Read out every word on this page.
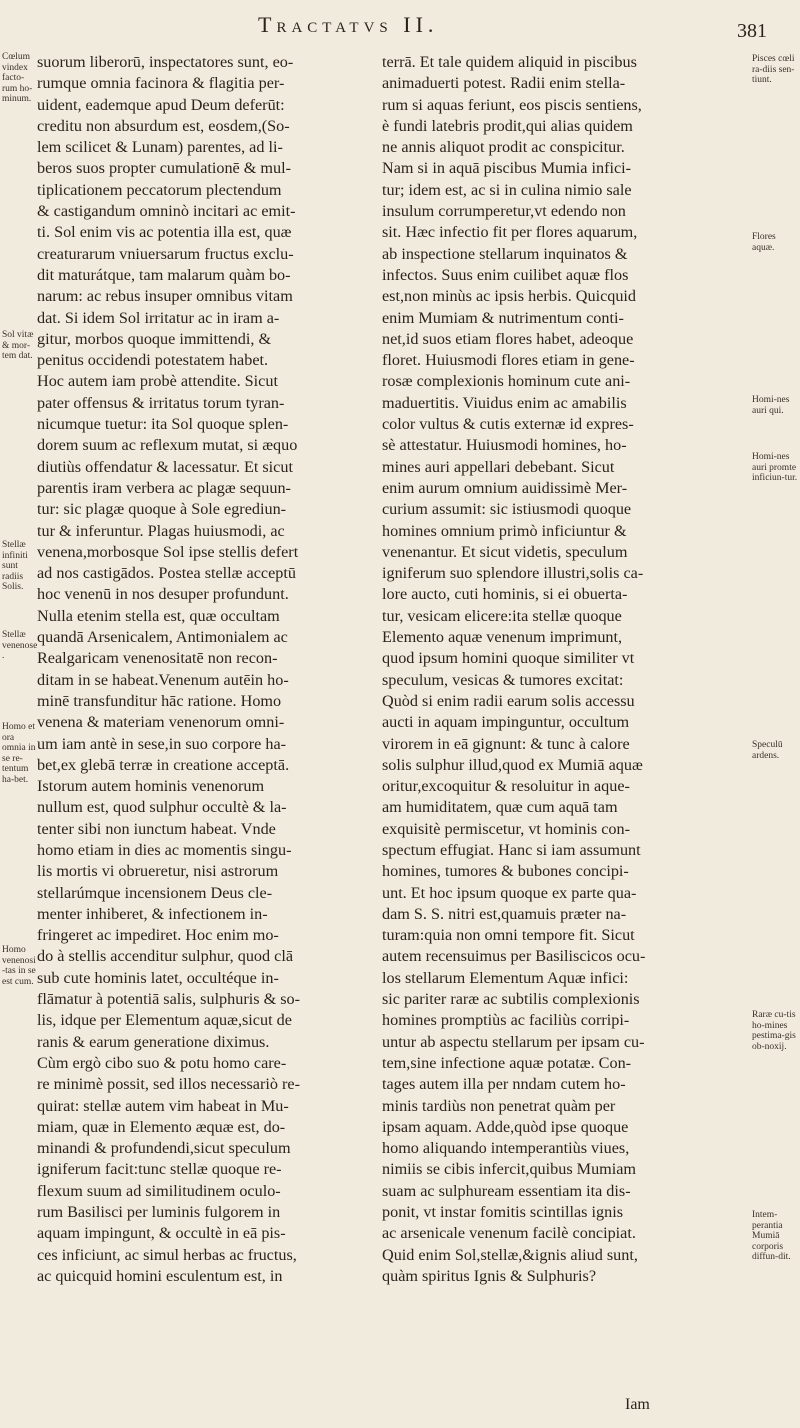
Tractatvs II.	381
Cœlum vindex facto-rum ho-minum.
Sol vitæ & mor-tem dat.
Stellæ infiniti sunt radiis Solis.
Stellæ venenose.
Homo et ora omnia in se re-tentum ha-bet.
Homo venenosi-tas in se est cum.
Pisces cœli ra-diis sen-tiunt.
Flores aquæ.
Homi-nes auri qui.
Homi-nes auri promte inficiun-tur.
Speculū ardens.
Raræ cu-tis ho-mines pestima-gis ob-noxij.
Intem-perantia Mumiā corporis diffun-dit.
suorum liberorū, inspectatores sunt, eo-
rumque omnia facinora & flagitia per-
uident, eademque apud Deum deferūt:
creditu non absurdum est, eosdem,(So-
lem scilicet & Lunam) parentes, ad li-
beros suos propter cumulationē & mul-
tiplicationem peccatorum plectendum
& castigandum omninò incitari ac emit-
ti. Sol enim vis ac potentia illa est, quæ
creaturarum vniuersarum fructus exclu-
dit maturátque, tam malarum quàm bo-
narum: ac rebus insuper omnibus vitam
dat. Si idem Sol irritatur ac in iram a-
gitur, morbos quoque immittendi, &
penitus occidendi potestatem habet.
Hoc autem iam probè attendite. Sicut
pater offensus & irritatus torum tyran-
nicumque tuetur: ita Sol quoque splen-
dorem suum ac reflexum mutat, si æquo
diutiùs offendatur & lacessatur. Et sicut
parentis iram verbera ac plagæ sequun-
tur: sic plagæ quoque à Sole egrediun-
tur & inferuntur. Plagas huiusmodi, ac
venena,morbosque Sol ipse stellis defert
ad nos castigādos. Postea stellæ acceptū
hoc venenū in nos desuper profundunt.
Nulla etenim stella est, quæ occultam
quandā Arsenicalem, Antimonialem ac
Realgaricam venenositatē non recon-
ditam in se habeat.Venenum autēin ho-
minē transfunditur hāc ratione. Homo
venena & materiam venenorum omni-
um iam antè in sese,in suo corpore ha-
bet,ex glebā terræ in creatione acceptā.
Istorum autem hominis venenorum
nullum est, quod sulphur occultè & la-
tenter sibi non iunctum habeat. Vnde
homo etiam in dies ac momentis singu-
lis mortis vi obrueretur, nisi astrorum
stellarúmque incensionem Deus cle-
menter inhiberet, & infectionem in-
fringeret ac impediret. Hoc enim mo-
do à stellis accenditur sulphur, quod clā
sub cute hominis latet, occultéque in-
flāmatur à potentiā salis, sulphuris & so-
lis, idque per Elementum aquæ,sicut de
ranis & earum generatione diximus.
Cùm ergò cibo suo & potu homo care-
re minimè possit, sed illos necessariò re-
quirat: stellæ autem vim habeat in Mu-
miam, quæ in Elemento æquæ est, do-
minandi & profundendi,sicut speculum
igniferum facit:tunc stellæ quoque re-
flexum suum ad similitudinem oculo-
rum Basilisci per luminis fulgorem in
aquam impingunt, & occultè in eā pis-
ces inficiunt, ac simul herbas ac fructus,
ac quicquid homini esculentum est, in
terrā. Et tale quidem aliquid in piscibus
animaduerti potest. Radii enim stella-
rum si aquas feriunt, eos piscis sentiens,
è fundi latebris prodit,qui alias quidem
ne annis aliquot prodit ac conspicitur.
Nam si in aquā piscibus Mumia infici-
tur; idem est, ac si in culina nimio sale
insulum corrumperetur,vt edendo non
sit. Hæc infectio fit per flores aquarum,
ab inspectione stellarum inquinatos &
infectos. Suus enim cuilibet aquæ flos
est,non minùs ac ipsis herbis. Quicquid
enim Mumiam & nutrimentum conti-
net,id suos etiam flores habet, adeoque
floret. Huiusmodi flores etiam in gene-
rosæ complexionis hominum cute ani-
maduertitis. Viuidus enim ac amabilis
color vultus & cutis externæ id expres-
sè attestatur. Huiusmodi homines, ho-
mines auri appellari debebant. Sicut
enim aurum omnium auidissimè Mer-
curium assumit: sic istiusmodi quoque
homines omnium primò inficiuntur &
venenantur. Et sicut videtis, speculum
igniferum suo splendore illustri,solis ca-
lore aucto, cuti hominis, si ei obuerta-
tur, vesicam elicere:ita stellæ quoque
Elemento aquæ venenum imprimunt,
quod ipsum homini quoque similiter vt
speculum, vesicas & tumores excitat:
Quòd si enim radii earum solis accessu
aucti in aquam impinguntur, occultum
virorem in eā gignunt: & tunc à calore
solis sulphur illud,quod ex Mumiā aquæ
oritur,excoquitur & resoluitur in aque-
am humiditatem, quæ cum aquā tam
exquisitè permiscetur, vt hominis con-
spectum effugiat. Hanc si iam assumunt
homines, tumores & bubones concipi-
unt. Et hoc ipsum quoque ex parte qua-
dam S. S. nitri est,quamuis præter na-
turam:quia non omni tempore fit. Sicut
autem recensuimus per Basiliscicos ocu-
los stellarum Elementum Aquæ infici:
sic pariter raræ ac subtilis complexionis
homines promptiùs ac faciliùs corripi-
untur ab aspectu stellarum per ipsam cu-
tem,sine infectione aquæ potatæ. Con-
tages autem illa per nndam cutem ho-
minis tardiùs non penetrat quàm per
ipsam aquam. Adde,quòd ipse quoque
homo aliquando intemperantiùs viues,
nimiis se cibis infercit,quibus Mumiam
suam ac sulphuream essentiam ita dis-
ponit, vt instar fomitis scintillas ignis
ac arsenicale venenum facilè concipiat.
Quid enim Sol,stellæ,&ignis aliud sunt,
quàm spiritus Ignis & Sulphuris?
Iam
